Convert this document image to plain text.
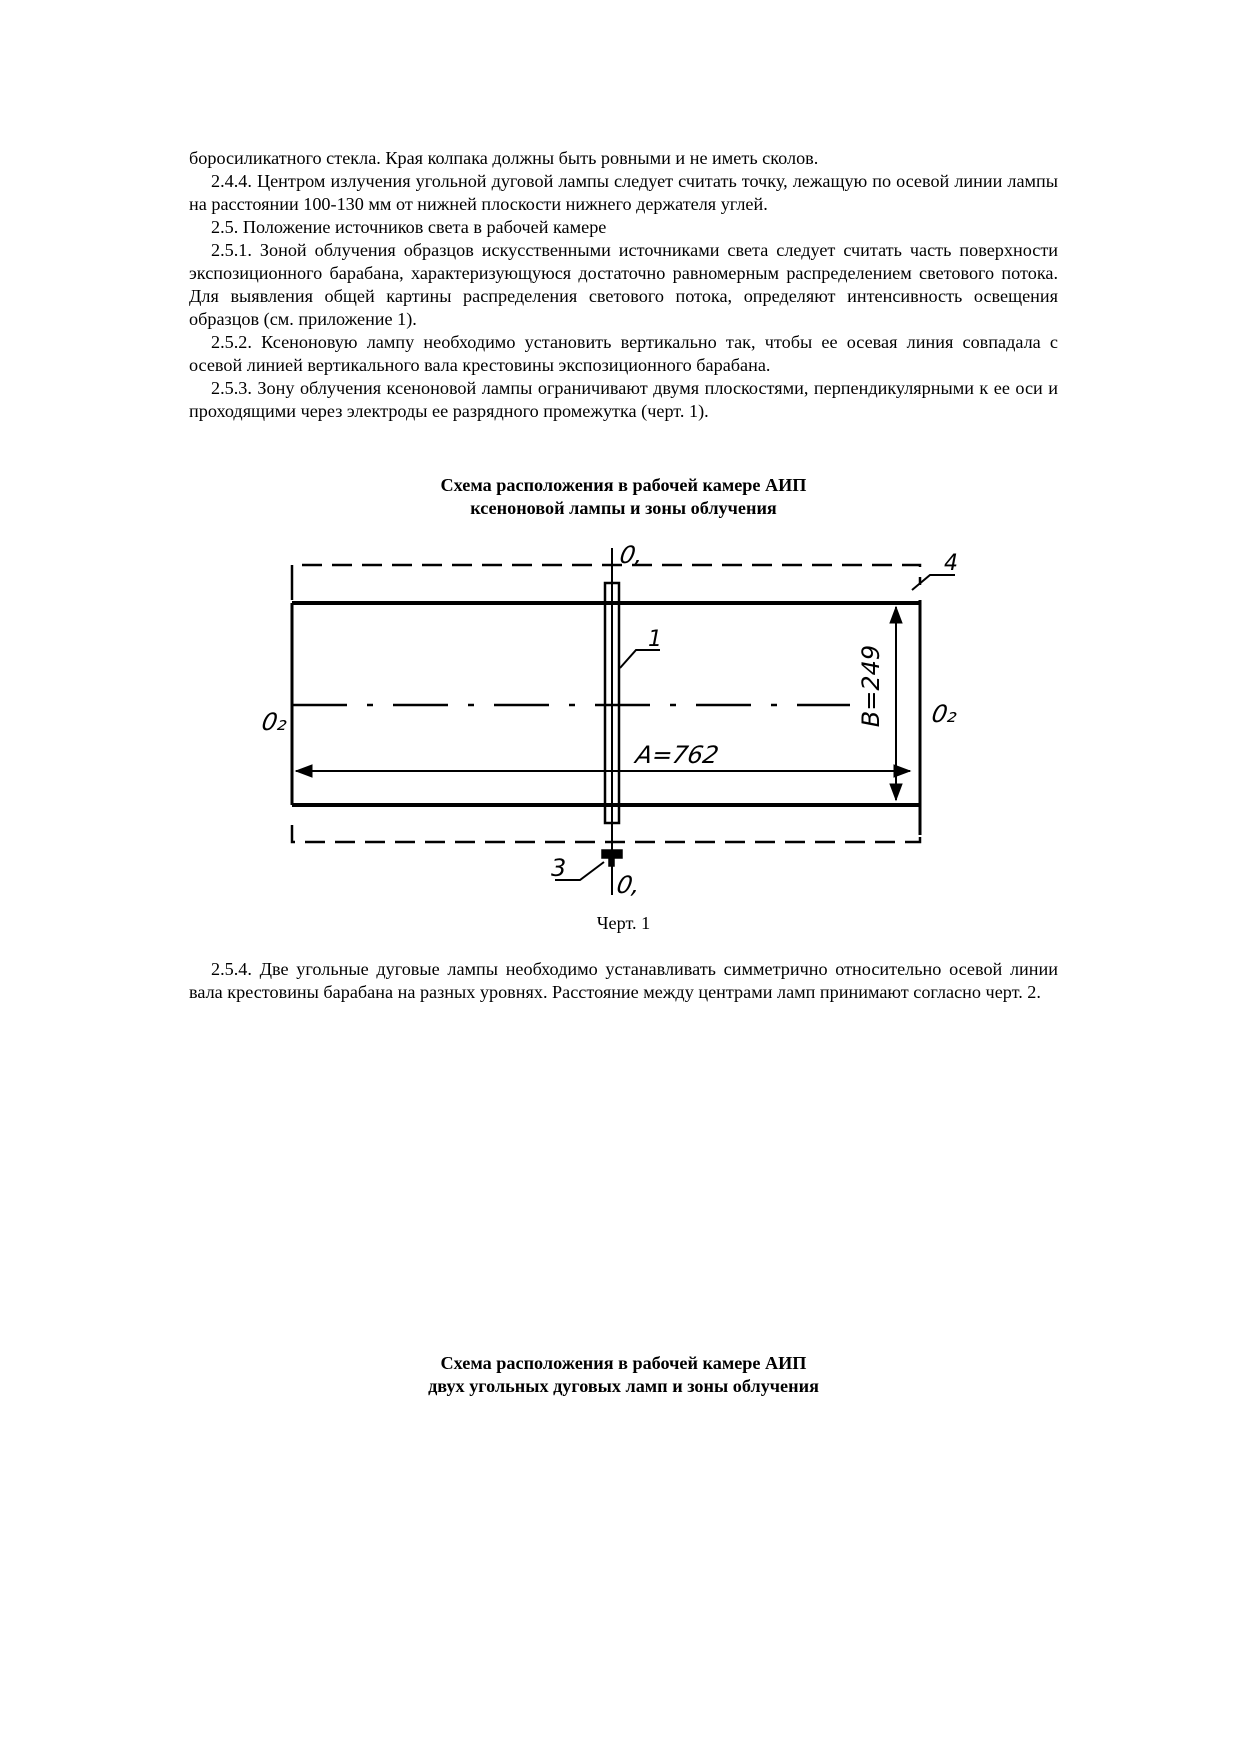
боросиликатного стекла. Края колпака должны быть ровными и не иметь сколов.

2.4.4. Центром излучения угольной дуговой лампы следует считать точку, лежащую по осевой линии лампы на расстоянии 100-130 мм от нижней плоскости нижнего держателя углей.

2.5. Положение источников света в рабочей камере

2.5.1. Зоной облучения образцов искусственными источниками света следует считать часть поверхности экспозиционного барабана, характеризующуюся достаточно равномерным распределением светового потока. Для выявления общей картины распределения светового потока, определяют интенсивность освещения образцов (см. приложение 1).

2.5.2. Ксеноновую лампу необходимо установить вертикально так, чтобы ее осевая линия совпадала с осевой линией вертикального вала крестовины экспозиционного барабана.

2.5.3. Зону облучения ксеноновой лампы ограничивают двумя плоскостями, перпендикулярными к ее оси и проходящими через электроды ее разрядного промежутка (черт. 1).

Схема расположения в рабочей камере АИП

ксеноновой лампы и зоны облучения

0,
0,
0₂	0₂
A=762
B=249
1
3
4

Черт. 1

2.5.4. Две угольные дуговые лампы необходимо устанавливать симметрично относительно осевой линии вала крестовины барабана на разных уровнях. Расстояние между центрами ламп принимают согласно черт. 2.

Схема расположения в рабочей камере АИП

двух угольных дуговых ламп и зоны облучения
